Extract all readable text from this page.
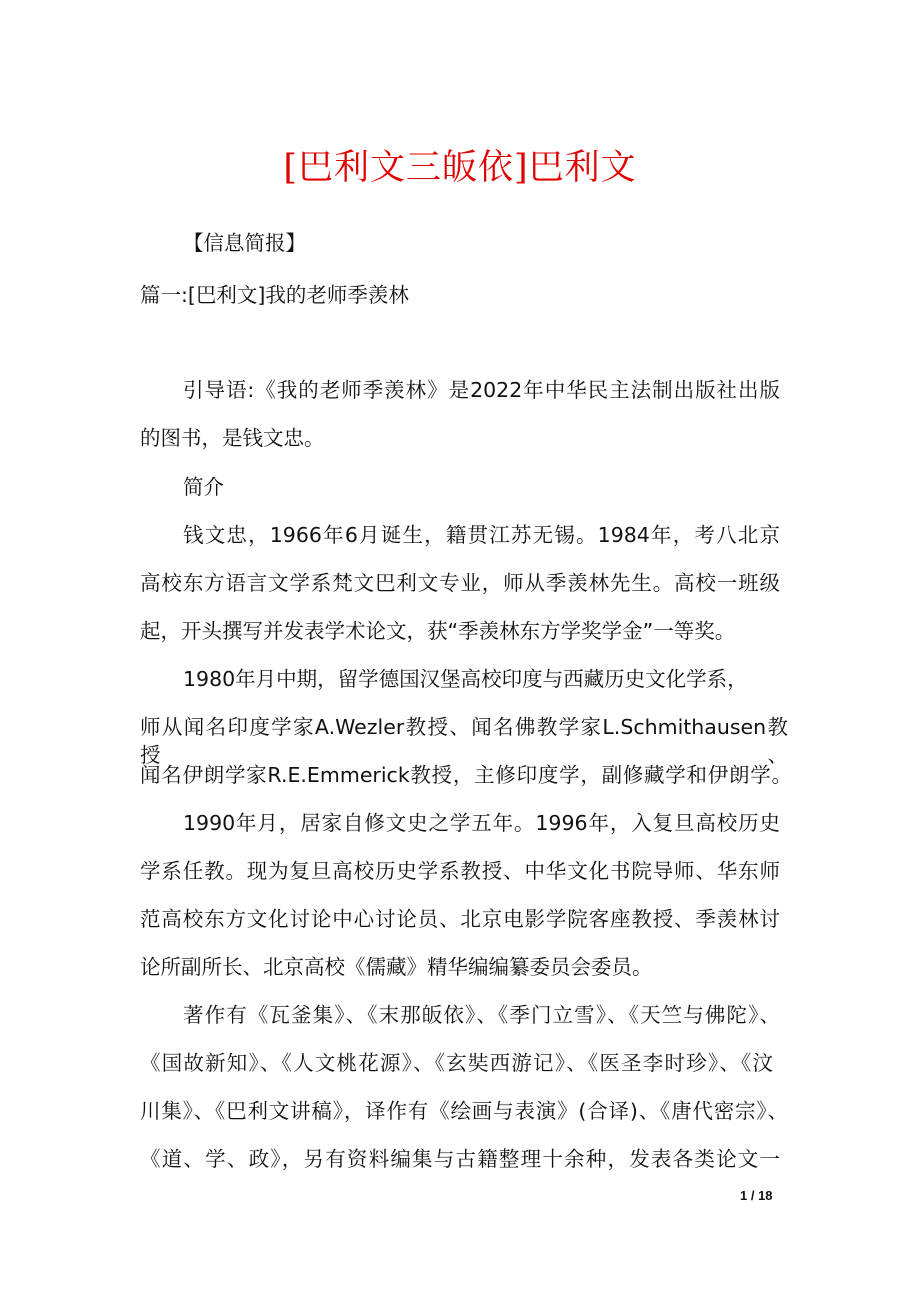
[巴利文三皈依]巴利文
【信息简报】
篇一:[巴利文]我的老师季羡林
引导语:《我的老师季羡林》是2022年中华民主法制出版社出版
的图书，是钱文忠。
简介
钱文忠，1966年6月诞生，籍贯江苏无锡。1984年，考八北京
高校东方语言文学系梵文巴利文专业，师从季羡林先生。高校一班级
起，开头撰写并发表学术论文，获“季羡林东方学奖学金”一等奖。
1980年月中期，留学德国汉堡高校印度与西藏历史文化学系，
师从闻名印度学家A.Wezler教授、闻名佛教学家L.Schmithausen教授、
闻名伊朗学家R.E.Emmerick教授，主修印度学，副修藏学和伊朗学。
1990年月，居家自修文史之学五年。1996年，入复旦高校历史
学系任教。现为复旦高校历史学系教授、中华文化书院导师、华东师
范高校东方文化讨论中心讨论员、北京电影学院客座教授、季羡林讨
论所副所长、北京高校《儒藏》精华编编纂委员会委员。
著作有《瓦釜集》、《末那皈依》、《季门立雪》、《天竺与佛陀》、
《国故新知》、《人文桃花源》、《玄奘西游记》、《医圣李时珍》、《汶
川集》、《巴利文讲稿》，译作有《绘画与表演》(合译)、《唐代密宗》、
《道、学、政》，另有资料编集与古籍整理十余种，发表各类论文一
1 / 18
